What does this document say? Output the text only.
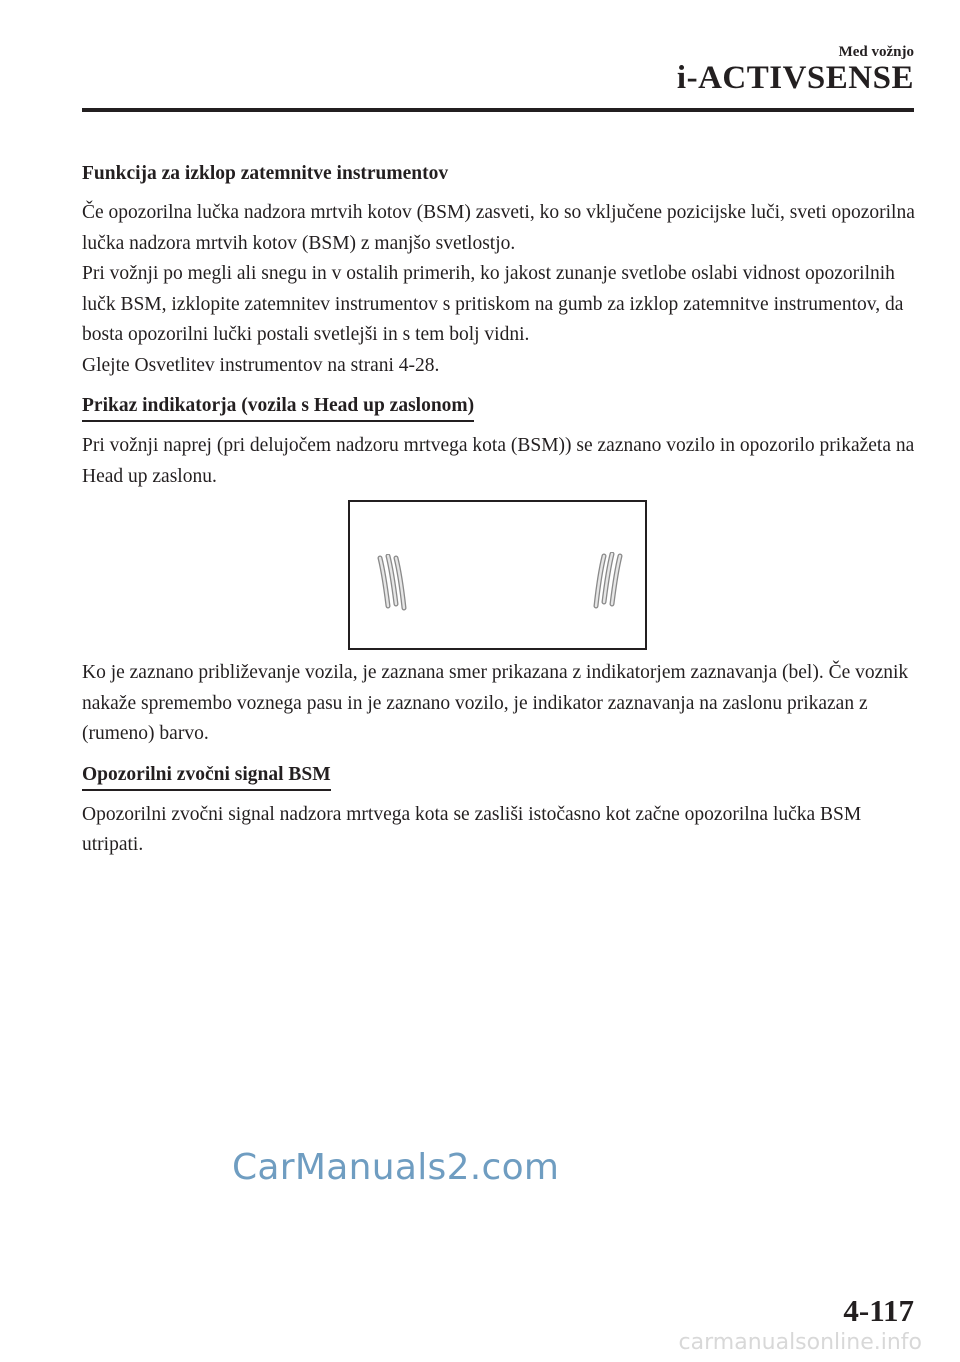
Med vožnjo
i-ACTIVSENSE
Funkcija za izklop zatemnitve instrumentov

Če opozorilna lučka nadzora mrtvih kotov (BSM) zasveti, ko so vključene pozicijske luči, sveti opozorilna lučka nadzora mrtvih kotov (BSM) z manjšo svetlostjo.

Pri vožnji po megli ali snegu in v ostalih primerih, ko jakost zunanje svetlobe oslabi vidnost opozorilnih lučk BSM, izklopite zatemnitev instrumentov s pritiskom na gumb za izklop zatemnitve instrumentov, da bosta opozorilni lučki postali svetlejši in s tem bolj vidni.

Glejte Osvetlitev instrumentov na strani 4-28.

Prikaz indikatorja (vozila s Head up zaslonom)

Pri vožnji naprej (pri delujočem nadzoru mrtvega kota (BSM)) se zaznano vozilo in opozorilo prikažeta na Head up zaslonu.

Ko je zaznano približevanje vozila, je zaznana smer prikazana z indikatorjem zaznavanja (bel). Če voznik nakaže spremembo voznega pasu in je zaznano vozilo, je indikator zaznavanja na zaslonu prikazan z (rumeno) barvo.

Opozorilni zvočni signal BSM

Opozorilni zvočni signal nadzora mrtvega kota se zasliši istočasno kot začne opozorilna lučka BSM utripati.

CarManuals2.com
4-117
carmanualsonline.info
